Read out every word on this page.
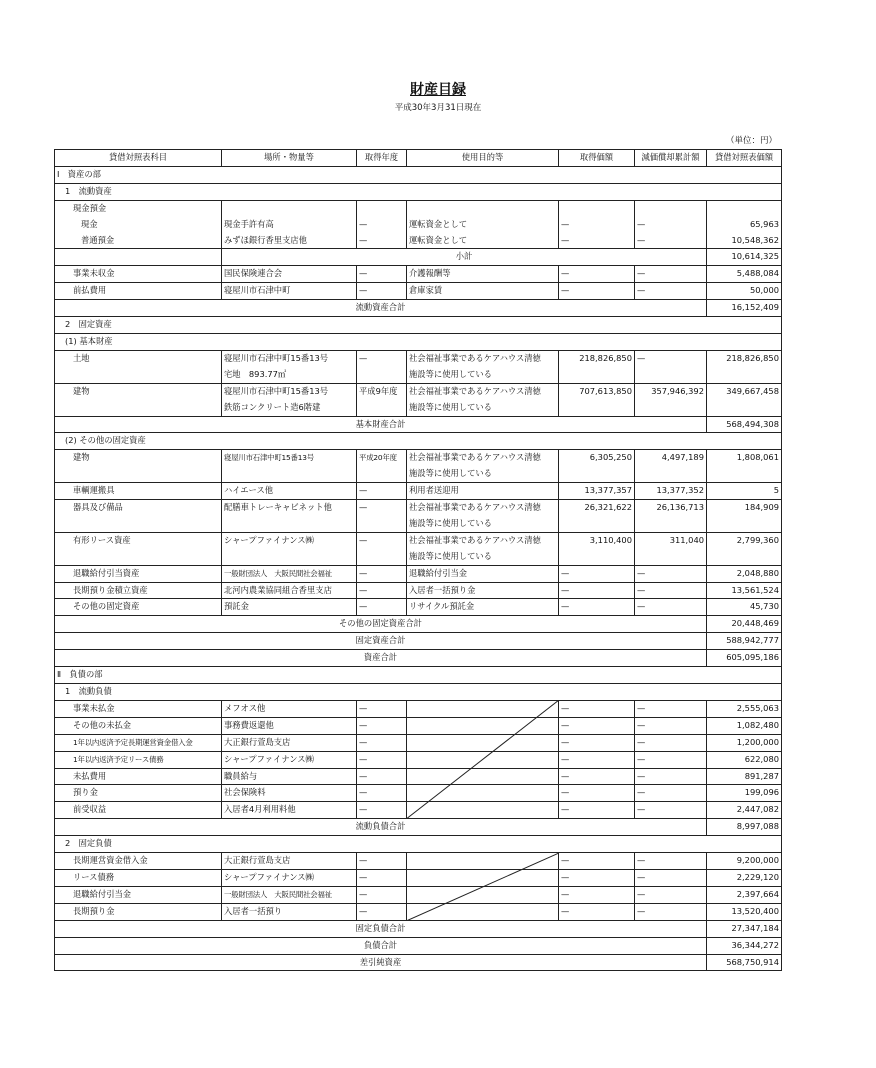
財産目録
平成30年3月31日現在
（単位：円）
貸借対照表科目	場所・物量等	取得年度	使用目的等	取得価額	減価償却累計額	貸借対照表価額
Ⅰ　資産の部						
1　流動資産						
現金預金						
現金	現金手許有高	—	運転資金として	—	—	65,963
普通預金	みずほ銀行香里支店他	—	運転資金として	—	—	10,548,362
	小計					10,614,325
事業未収金	国民保険連合会	—	介護報酬等	—	—	5,488,084
前払費用	寝屋川市石津中町	—	倉庫家賃	—	—	50,000
流動資産合計						16,152,409
2　固定資産						
(1) 基本財産						
土地	寝屋川市石津中町15番13号	—	社会福祉事業であるケアハウス清徳	218,826,850	—	218,826,850
	宅地　893.77㎡		施設等に使用している			
建物	寝屋川市石津中町15番13号	平成9年度	社会福祉事業であるケアハウス清徳	707,613,850	357,946,392	349,667,458
	鉄筋コンクリート造6階建		施設等に使用している			
基本財産合計						568,494,308
(2) その他の固定資産						
建物	寝屋川市石津中町15番13号	平成20年度	社会福祉事業であるケアハウス清徳	6,305,250	4,497,189	1,808,061
			施設等に使用している			
車輌運搬具	ハイエース他	—	利用者送迎用	13,377,357	13,377,352	5
器具及び備品	配膳車トレーキャビネット他	—	社会福祉事業であるケアハウス清徳	26,321,622	26,136,713	184,909
			施設等に使用している			
有形リース資産	シャープファイナンス㈱	—	社会福祉事業であるケアハウス清徳	3,110,400	311,040	2,799,360
			施設等に使用している			
退職給付引当資産	一般財団法人　大阪民間社会福祉	—	退職給付引当金	—	—	2,048,880
長期預り金積立資産	北河内農業協同組合香里支店	—	入居者一括預り金	—	—	13,561,524
その他の固定資産	預託金	—	リサイクル預託金	—	—	45,730
その他の固定資産合計						20,448,469
固定資産合計						588,942,777
資産合計						605,095,186
Ⅱ　負債の部						
1　流動負債						
事業未払金	メフオス他	—		—	—	2,555,063
その他の未払金	事務費返還他	—		—	—	1,082,480
1年以内返済予定長期運営資金借入金	大正銀行萱島支店	—		—	—	1,200,000
1年以内返済予定リース債務	シャープファイナンス㈱	—		—	—	622,080
未払費用	職員給与	—		—	—	891,287
預り金	社会保険料	—		—	—	199,096
前受収益	入居者4月利用料他	—		—	—	2,447,082
流動負債合計						8,997,088
2　固定負債						
長期運営資金借入金	大正銀行萱島支店	—		—	—	9,200,000
リース債務	シャープファイナンス㈱	—		—	—	2,229,120
退職給付引当金	一般財団法人　大阪民間社会福祉	—		—	—	2,397,664
長期預り金	入居者一括預り	—		—	—	13,520,400
固定負債合計						27,347,184
負債合計						36,344,272
差引純資産						568,750,914
